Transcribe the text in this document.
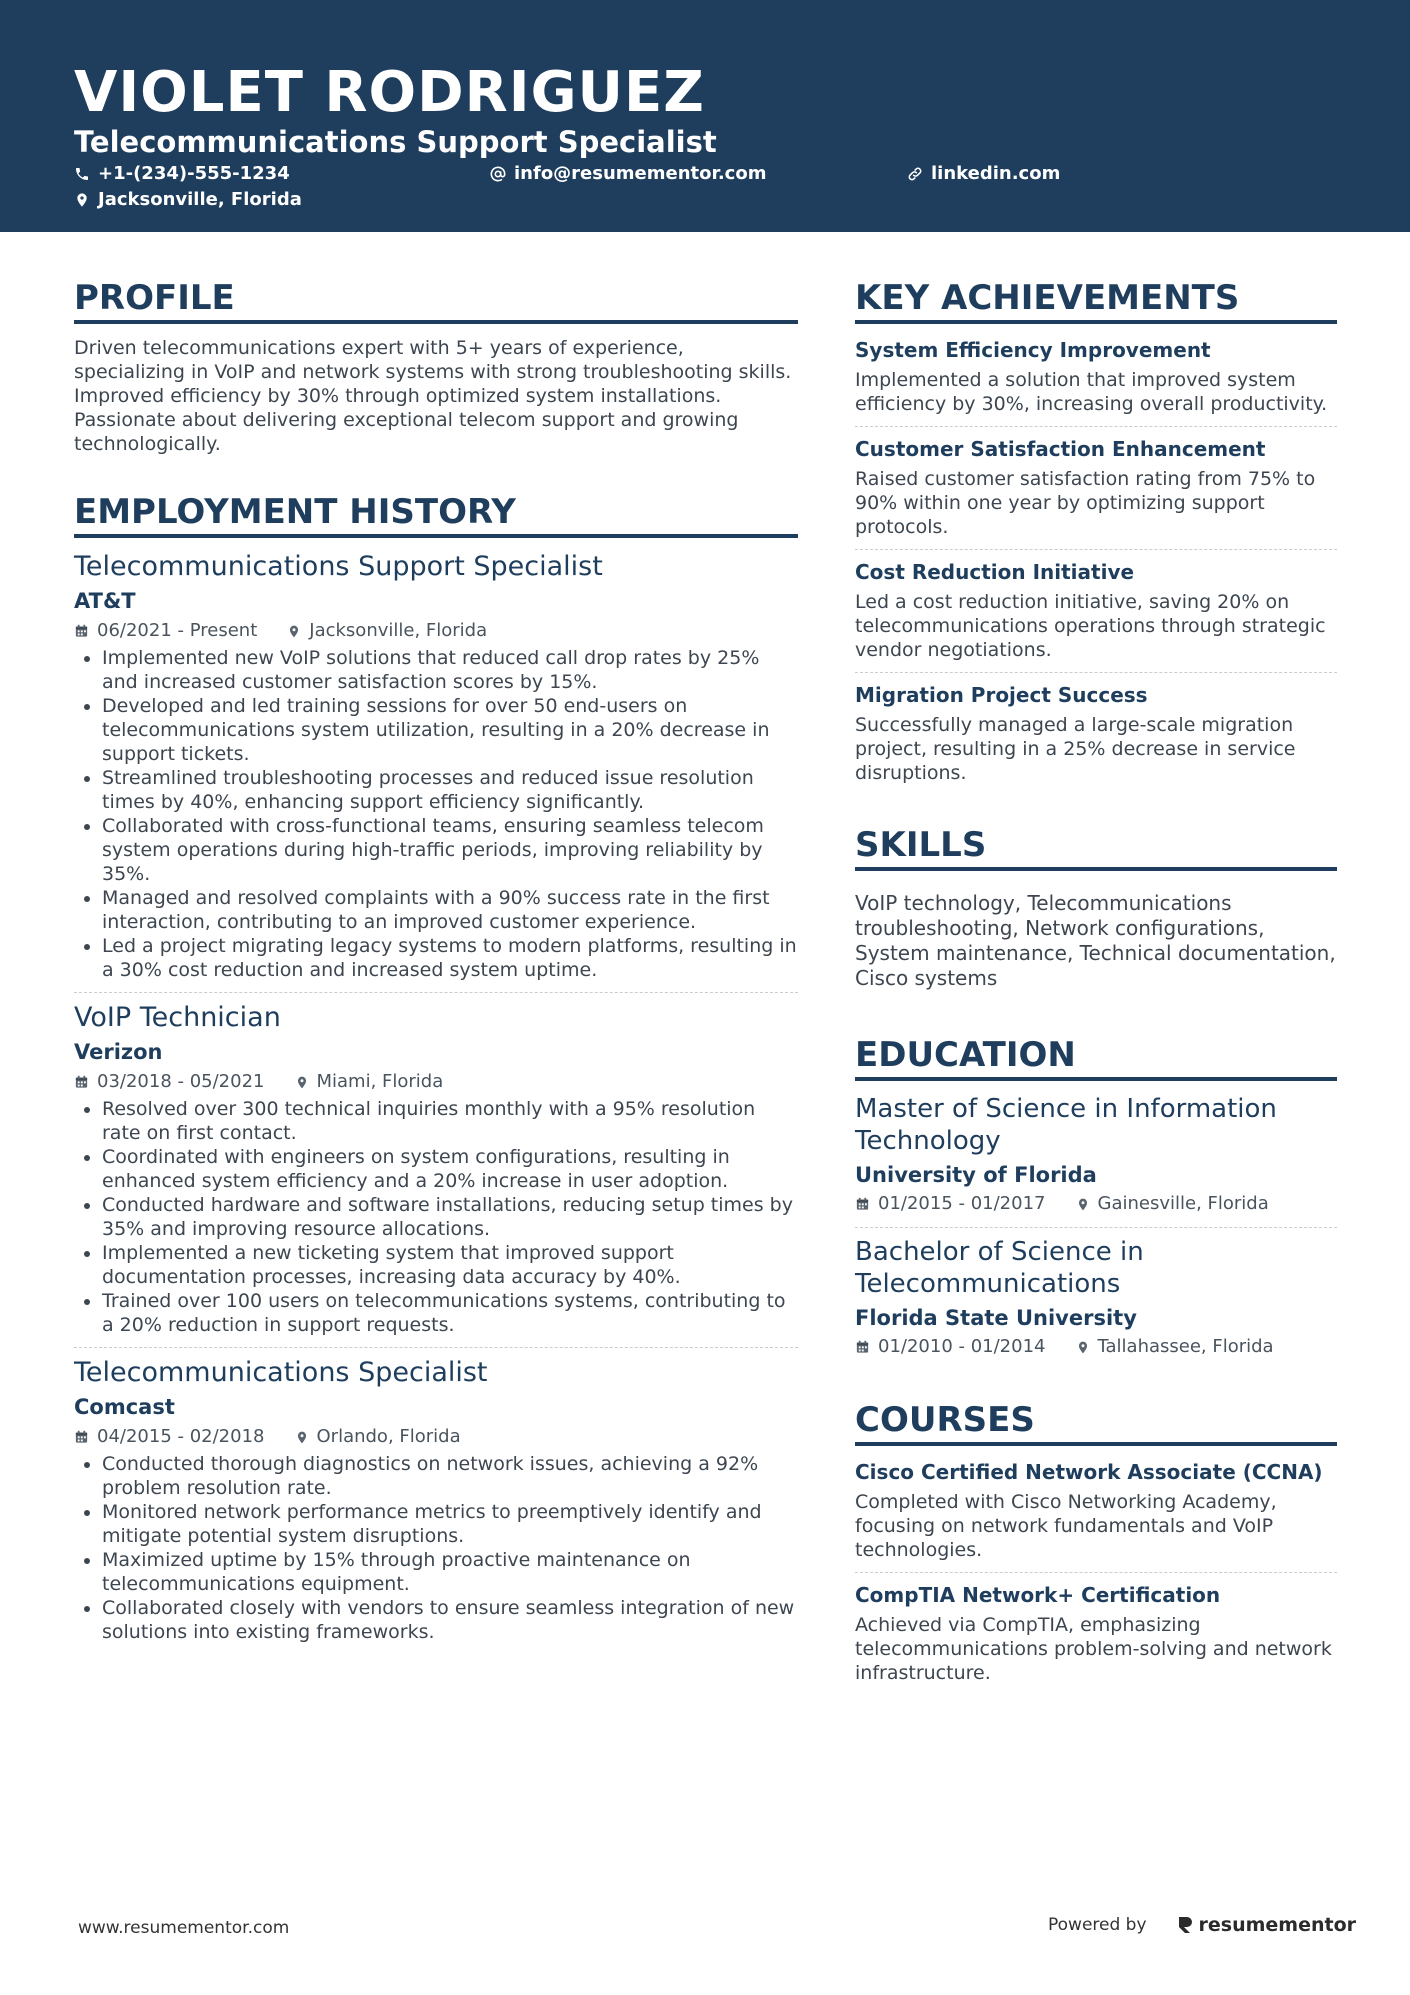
VIOLET RODRIGUEZ
Telecommunications Support Specialist
+1-(234)-555-1234	info@resumementor.com	linkedin.com
Jacksonville, Florida
PROFILE

Driven telecommunications expert with 5+ years of experience, specializing in VoIP and network systems with strong troubleshooting skills. Improved efficiency by 30% through optimized system installations. Passionate about delivering exceptional telecom support and growing technologically.

EMPLOYMENT HISTORY
Telecommunications Support Specialist
AT&T
06/2021 - Present	Jacksonville, Florida
• Implemented new VoIP solutions that reduced call drop rates by 25% and increased customer satisfaction scores by 15%.
• Developed and led training sessions for over 50 end-users on telecommunications system utilization, resulting in a 20% decrease in support tickets.
• Streamlined troubleshooting processes and reduced issue resolution times by 40%, enhancing support efficiency significantly.
• Collaborated with cross-functional teams, ensuring seamless telecom system operations during high-traffic periods, improving reliability by 35%.
• Managed and resolved complaints with a 90% success rate in the first interaction, contributing to an improved customer experience.
• Led a project migrating legacy systems to modern platforms, resulting in a 30% cost reduction and increased system uptime.
VoIP Technician
Verizon
03/2018 - 05/2021	Miami, Florida
• Resolved over 300 technical inquiries monthly with a 95% resolution rate on first contact.
• Coordinated with engineers on system configurations, resulting in enhanced system efficiency and a 20% increase in user adoption.
• Conducted hardware and software installations, reducing setup times by 35% and improving resource allocations.
• Implemented a new ticketing system that improved support documentation processes, increasing data accuracy by 40%.
• Trained over 100 users on telecommunications systems, contributing to a 20% reduction in support requests.
Telecommunications Specialist
Comcast
04/2015 - 02/2018	Orlando, Florida
• Conducted thorough diagnostics on network issues, achieving a 92% problem resolution rate.
• Monitored network performance metrics to preemptively identify and mitigate potential system disruptions.
• Maximized uptime by 15% through proactive maintenance on telecommunications equipment.
• Collaborated closely with vendors to ensure seamless integration of new solutions into existing frameworks.
KEY ACHIEVEMENTS
System Efficiency Improvement
Implemented a solution that improved system efficiency by 30%, increasing overall productivity.
Customer Satisfaction Enhancement
Raised customer satisfaction rating from 75% to 90% within one year by optimizing support protocols.
Cost Reduction Initiative
Led a cost reduction initiative, saving 20% on telecommunications operations through strategic vendor negotiations.
Migration Project Success
Successfully managed a large-scale migration project, resulting in a 25% decrease in service disruptions.
SKILLS
VoIP technology, Telecommunications troubleshooting, Network configurations, System maintenance, Technical documentation, Cisco systems
EDUCATION
Master of Science in Information Technology
University of Florida
01/2015 - 01/2017	Gainesville, Florida
Bachelor of Science in Telecommunications
Florida State University
01/2010 - 01/2014	Tallahassee, Florida
COURSES
Cisco Certified Network Associate (CCNA)
Completed with Cisco Networking Academy, focusing on network fundamentals and VoIP technologies.
CompTIA Network+ Certification
Achieved via CompTIA, emphasizing telecommunications problem-solving and network infrastructure.
www.resumementor.com	Powered by	resumementor
